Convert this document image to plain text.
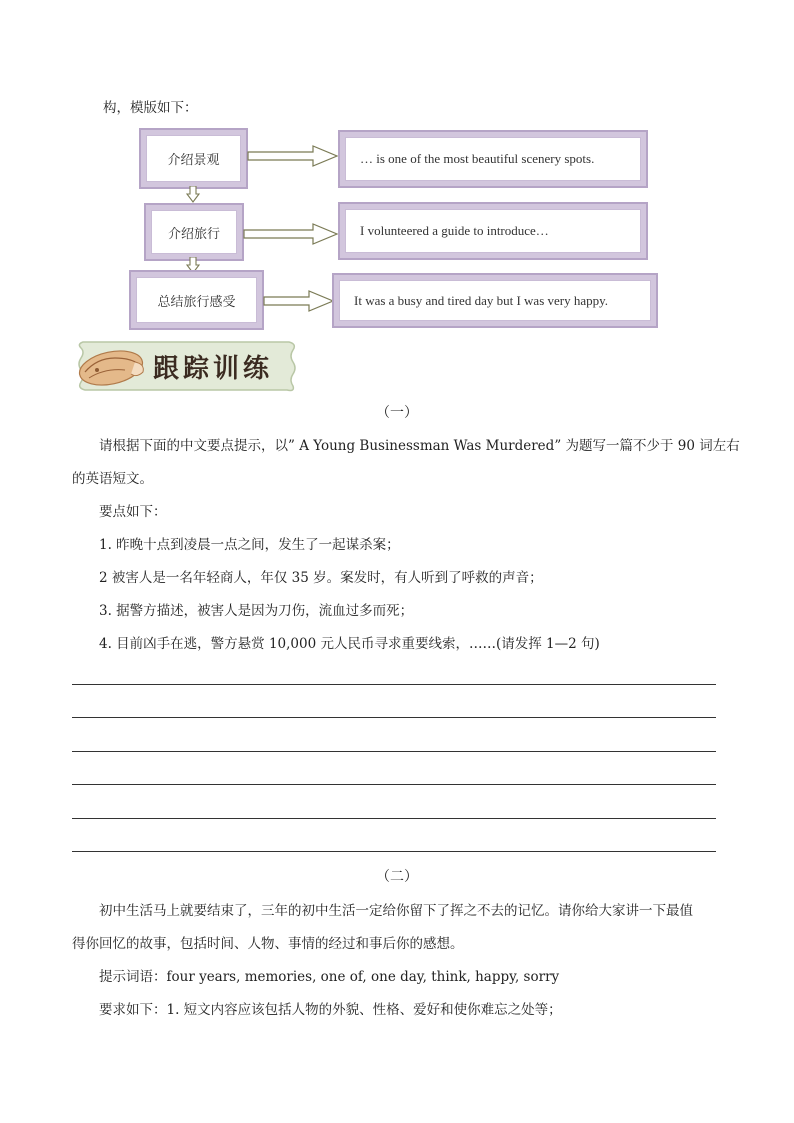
构，模版如下：
介绍景观	… is one of the most beautiful scenery spots.
介绍旅行	I volunteered a guide to introduce…
总结旅行感受	It was a busy and tired day but I was very happy.
跟踪训练
（一）
请根据下面的中文要点提示，以” A Young Businessman Was Murdered” 为题写一篇不少于 90 词左右
的英语短文。
要点如下：
1. 昨晚十点到凌晨一点之间，发生了一起谋杀案；
2 被害人是一名年轻商人，年仅 35 岁。案发时，有人听到了呼救的声音；
3. 据警方描述，被害人是因为刀伤，流血过多而死；
4. 目前凶手在逃，警方悬赏 10,000 元人民币寻求重要线索，……(请发挥 1—2 句)
（二）
初中生活马上就要结束了，三年的初中生活一定给你留下了挥之不去的记忆。请你给大家讲一下最值
得你回忆的故事，包括时间、人物、事情的经过和事后你的感想。
提示词语：four years, memories, one of, one day, think, happy, sorry
要求如下：1. 短文内容应该包括人物的外貌、性格、爱好和使你难忘之处等；
